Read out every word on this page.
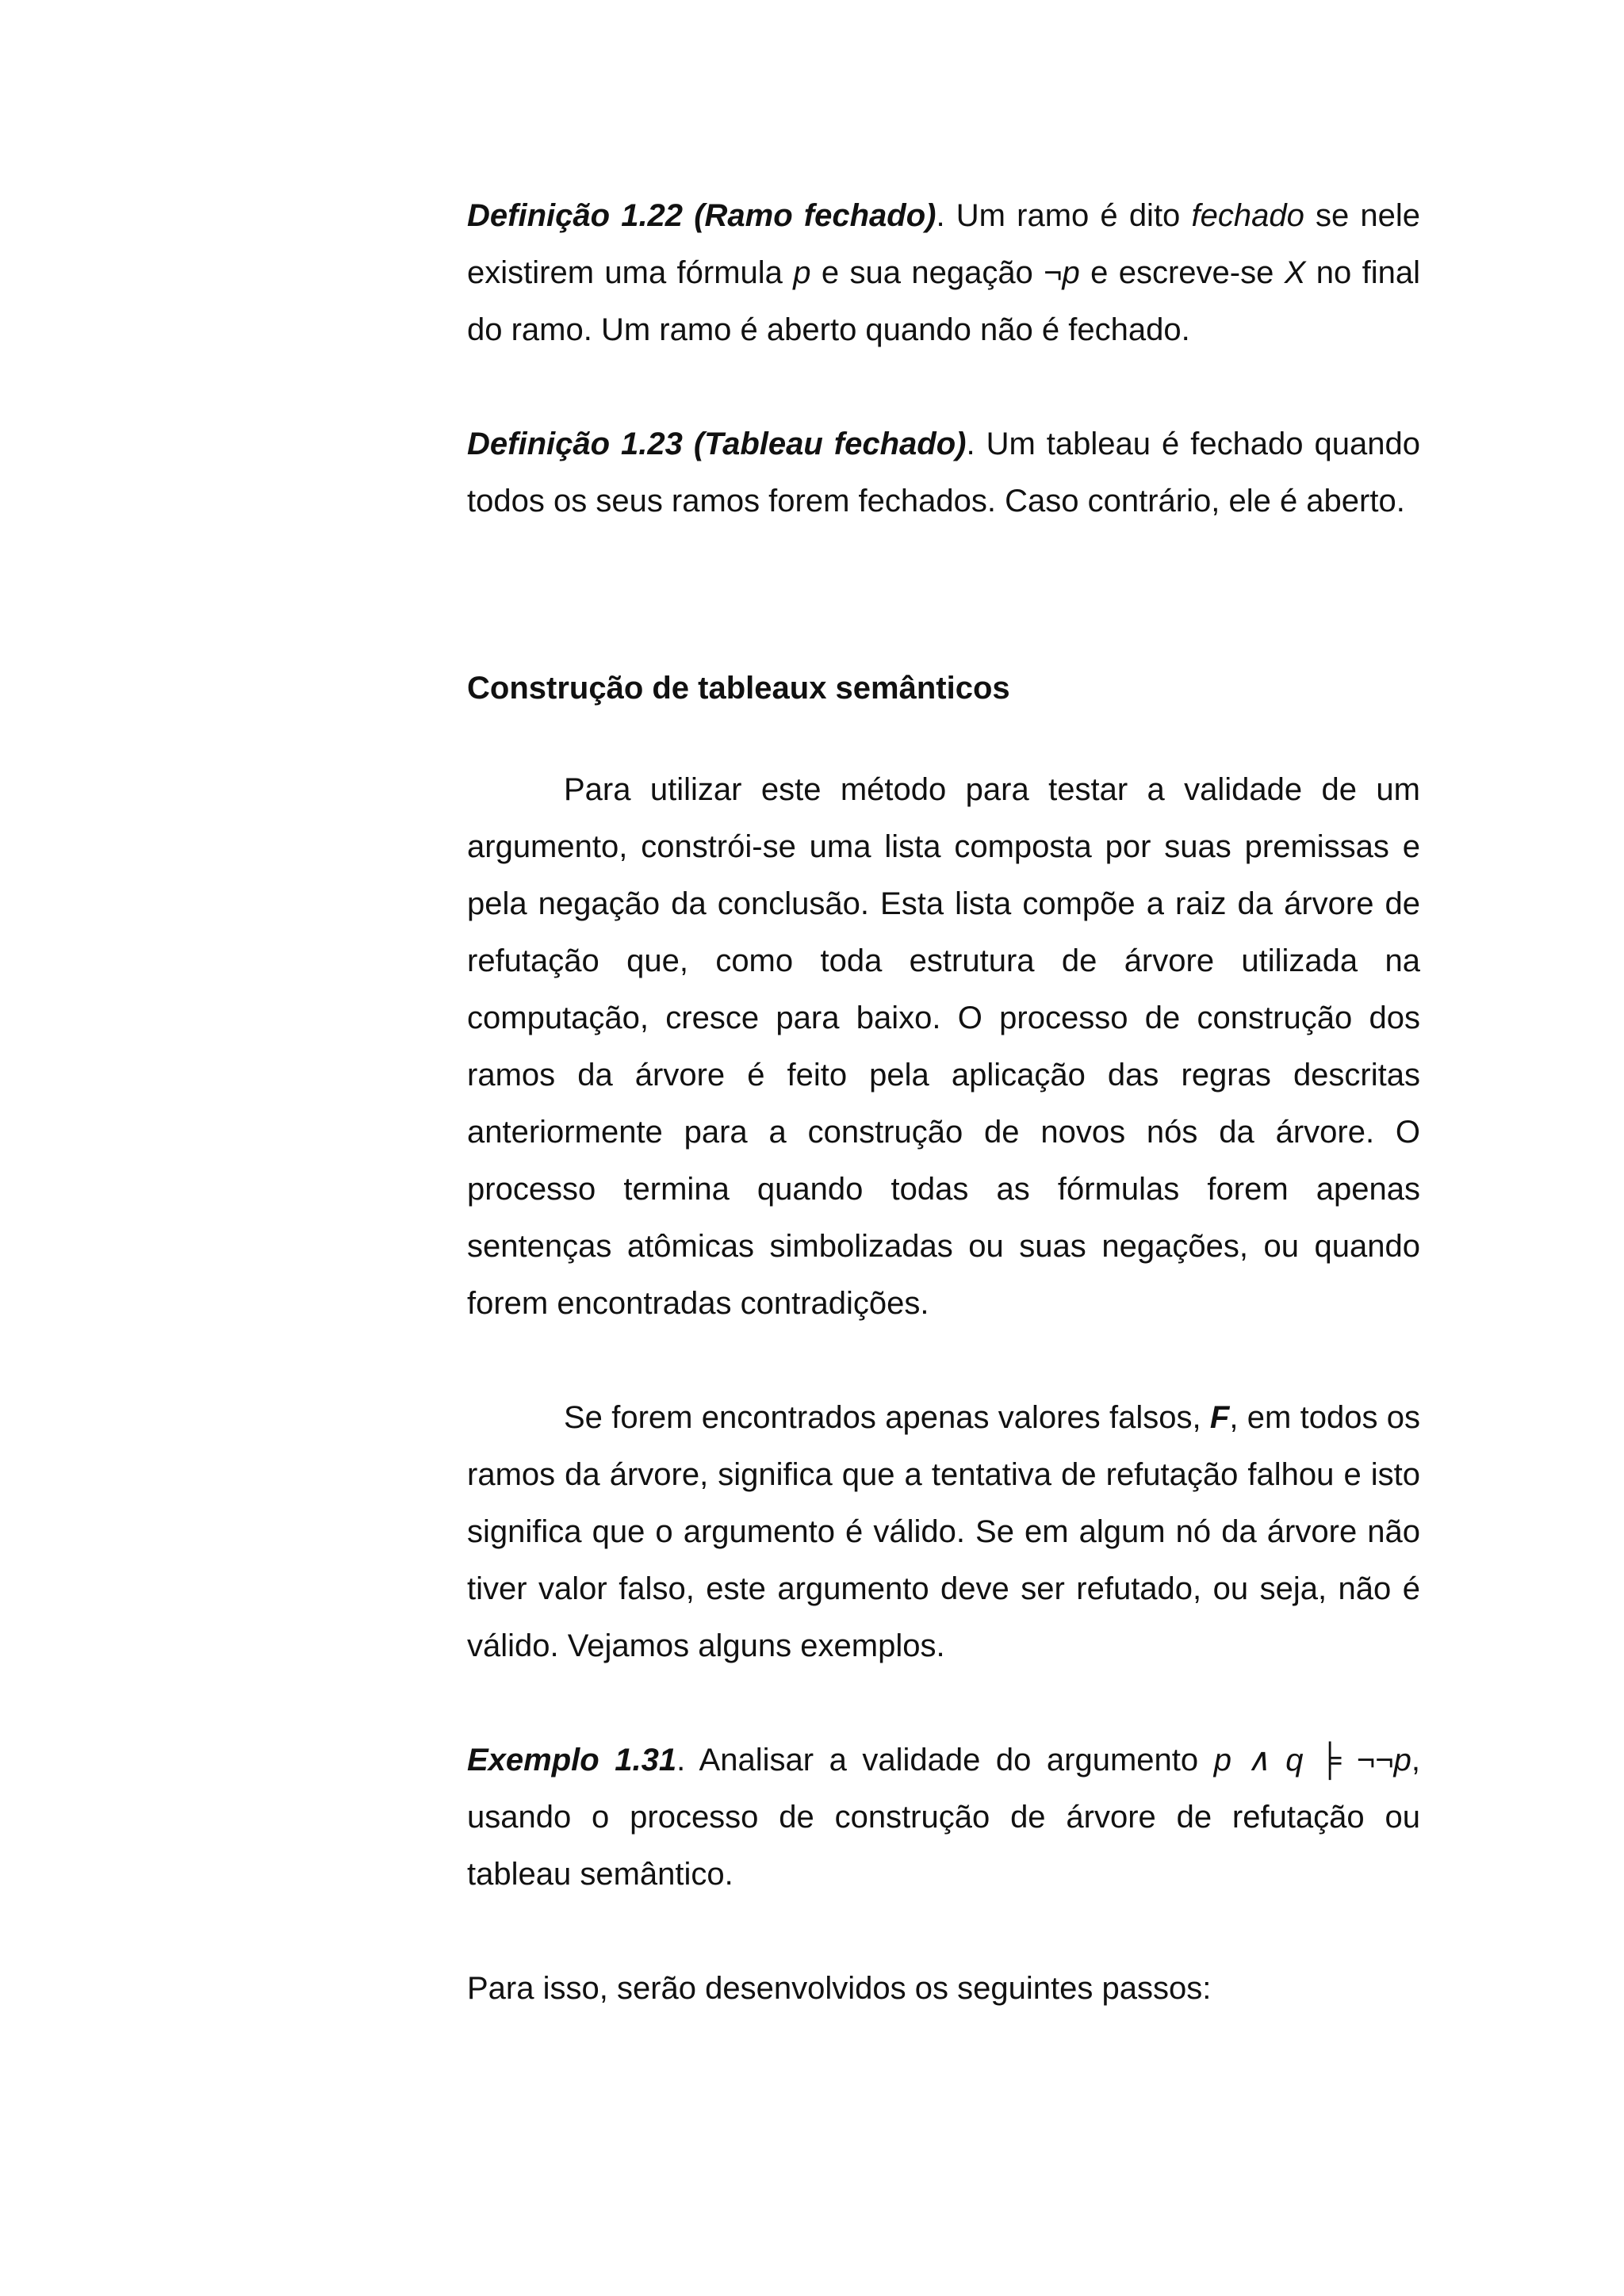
Definição 1.22 (Ramo fechado). Um ramo é dito fechado se nele existirem uma fórmula p e sua negação ¬p e escreve-se X no final do ramo. Um ramo é aberto quando não é fechado.

Definição 1.23 (Tableau fechado). Um tableau é fechado quando todos os seus ramos forem fechados. Caso contrário, ele é aberto.

Construção de tableaux semânticos

Para utilizar este método para testar a validade de um argumento, constrói-se uma lista composta por suas premissas e pela negação da conclusão. Esta lista compõe a raiz da árvore de refutação que, como toda estrutura de árvore utilizada na computação, cresce para baixo. O processo de construção dos ramos da árvore é feito pela aplicação das regras descritas anteriormente para a construção de novos nós da árvore. O processo termina quando todas as fórmulas forem apenas sentenças atômicas simbolizadas ou suas negações, ou quando forem encontradas contradições.

Se forem encontrados apenas valores falsos, F, em todos os ramos da árvore, significa que a tentativa de refutação falhou e isto significa que o argumento é válido. Se em algum nó da árvore não tiver valor falso, este argumento deve ser refutado, ou seja, não é válido. Vejamos alguns exemplos.

Exemplo 1.31. Analisar a validade do argumento p ∧ q ╞ ¬¬p, usando o processo de construção de árvore de refutação ou tableau semântico.

Para isso, serão desenvolvidos os seguintes passos:
